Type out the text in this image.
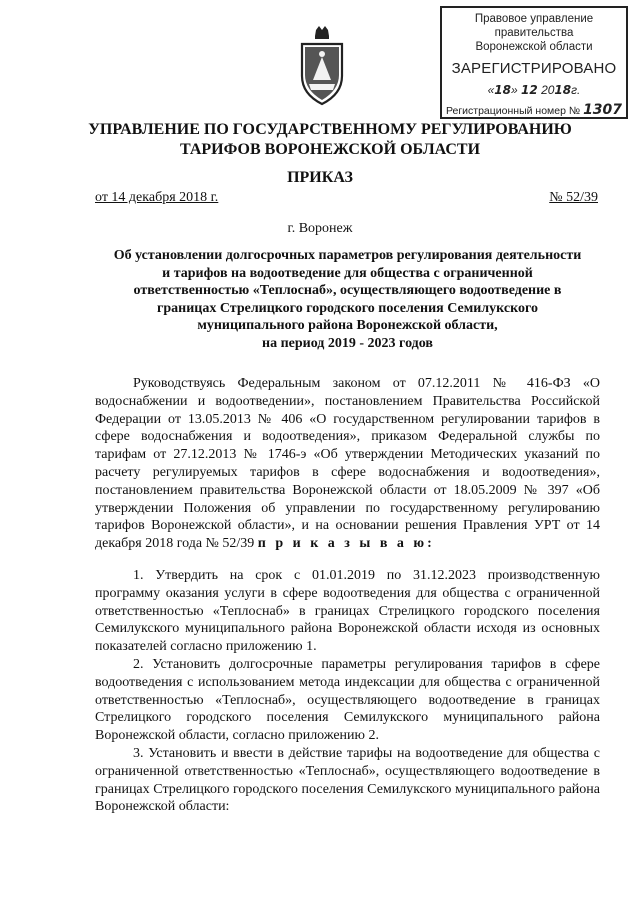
Правовое управление правительства
Воронежской области
ЗАРЕГИСТРИРОВАНО
«18» 12 2018г.
Регистрационный номер № 1307
УПРАВЛЕНИЕ ПО ГОСУДАРСТВЕННОМУ РЕГУЛИРОВАНИЮ
ТАРИФОВ ВОРОНЕЖСКОЙ ОБЛАСТИ
ПРИКАЗ
от 14 декабря 2018 г.	№ 52/39
г. Воронеж
Об установлении долгосрочных параметров регулирования деятельности
и тарифов на водоотведение для общества с ограниченной
ответственностью «Теплоснаб», осуществляющего водоотведение в
границах Стрелицкого городского поселения Семилукского
муниципального района Воронежской области,
на период 2019 - 2023 годов

Руководствуясь Федеральным законом от 07.12.2011 № 416-ФЗ «О водоснабжении и водоотведении», постановлением Правительства Российской Федерации от 13.05.2013 № 406 «О государственном регулировании тарифов в сфере водоснабжения и водоотведения», приказом Федеральной службы по тарифам от 27.12.2013 № 1746-э «Об утверждении Методических указаний по расчету регулируемых тарифов в сфере водоснабжения и водоотведения», постановлением правительства Воронежской области от 18.05.2009 № 397 «Об утверждении Положения об управлении по государственному регулированию тарифов Воронежской области», и на основании решения Правления УРТ от 14 декабря 2018 года № 52/39 п р и к а з ы в а ю:

1. Утвердить на срок с 01.01.2019 по 31.12.2023 производственную программу оказания услуги в сфере водоотведения для общества с ограниченной ответственностью «Теплоснаб» в границах Стрелицкого городского поселения Семилукского муниципального района Воронежской области исходя из основных показателей согласно приложению 1.

2. Установить долгосрочные параметры регулирования тарифов в сфере водоотведения с использованием метода индексации для общества с ограниченной ответственностью «Теплоснаб», осуществляющего водоотведение в границах Стрелицкого городского поселения Семилукского муниципального района Воронежской области, согласно приложению 2.

3. Установить и ввести в действие тарифы на водоотведение для общества с ограниченной ответственностью «Теплоснаб», осуществляющего водоотведение в границах Стрелицкого городского поселения Семилукского муниципального района Воронежской области:
